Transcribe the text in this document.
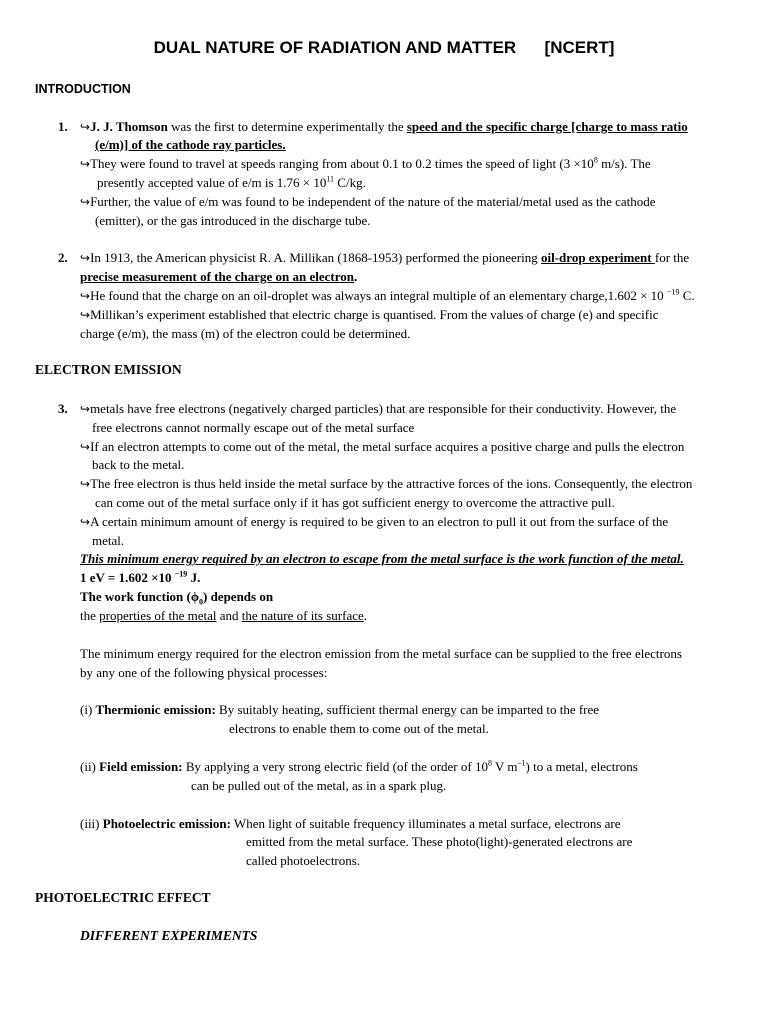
DUAL NATURE OF RADIATION AND MATTER      [NCERT]
INTRODUCTION
1. ↪J. J. Thomson was the first to determine experimentally the speed and the specific charge [charge to mass ratio
(e/m)] of the cathode ray particles.
↪They were found to travel at speeds ranging from about 0.1 to 0.2 times the speed of light ($3 \times 10^8$ m/s). The
presently accepted value of e/m is $1.76 \times 10^{11}$ C/kg.
↪Further, the value of e/m was found to be independent of the nature of the material/metal used as the cathode
(emitter), or the gas introduced in the discharge tube.
2. ↪In 1913, the American physicist R. A. Millikan (1868-1953) performed the pioneering oil-drop experiment for the
precise measurement of the charge on an electron.
↪He found that the charge on an oil-droplet was always an integral multiple of an elementary charge,1.602 × 10 $^{-19}$ C.
↪Millikan’s experiment established that electric charge is quantised. From the values of charge (e) and specific
charge (e/m), the mass (m) of the electron could be determined.
ELECTRON EMISSION
3. ↪metals have free electrons (negatively charged particles) that are responsible for their conductivity. However, the
free electrons cannot normally escape out of the metal surface
↪If an electron attempts to come out of the metal, the metal surface acquires a positive charge and pulls the electron
back to the metal.
↪The free electron is thus held inside the metal surface by the attractive forces of the ions. Consequently, the electron
can come out of the metal surface only if it has got sufficient energy to overcome the attractive pull.
↪A certain minimum amount of energy is required to be given to an electron to pull it out from the surface of the
metal.
This minimum energy required by an electron to escape from the metal surface is the work function of the metal.
1 eV = 1.602 ×10 $^{-19}$ J.
The work function $(\phi_0)$ depends on
the properties of the metal and the nature of its surface.
The minimum energy required for the electron emission from the metal surface can be supplied to the free electrons
by any one of the following physical processes:
(i) Thermionic emission: By suitably heating, sufficient thermal energy can be imparted to the free
electrons to enable them to come out of the metal.
(ii) Field emission: By applying a very strong electric field (of the order of $10^8$ V $m^{-1}$) to a metal, electrons
can be pulled out of the metal, as in a spark plug.
(iii) Photoelectric emission: When light of suitable frequency illuminates a metal surface, electrons are
emitted from the metal surface. These photo(light)-generated electrons are
called photoelectrons.
PHOTOELECTRIC EFFECT
DIFFERENT EXPERIMENTS
